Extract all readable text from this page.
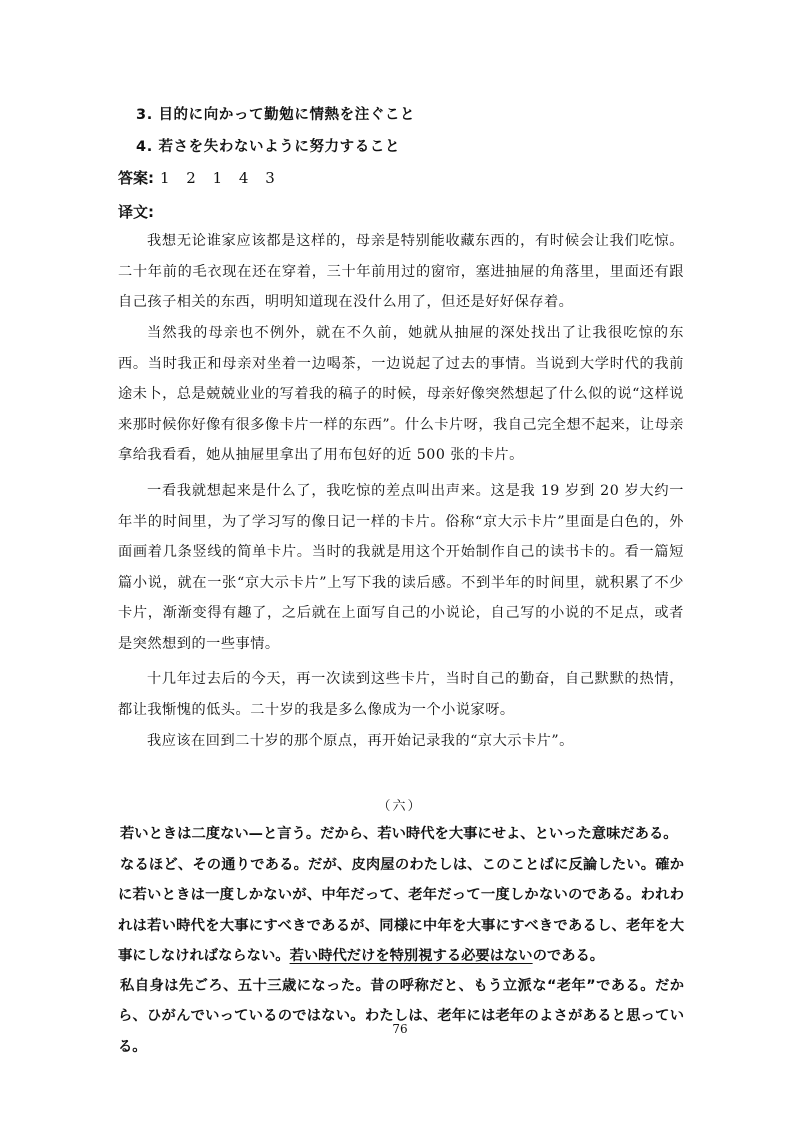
3. 目的に向かって勤勉に情熱を注ぐこと
4. 若さを失わないように努力すること
答案: 1 2 1 4 3
译文:
我想无论谁家应该都是这样的，母亲是特别能收藏东西的，有时候会让我们吃惊。二十年前的毛衣现在还在穿着，三十年前用过的窗帘，塞进抽屉的角落里，里面还有跟自己孩子相关的东西，明明知道现在没什么用了，但还是好好保存着。
当然我的母亲也不例外，就在不久前，她就从抽屉的深处找出了让我很吃惊的东西。当时我正和母亲对坐着一边喝茶，一边说起了过去的事情。当说到大学时代的我前途未卜，总是兢兢业业的写着我的稿子的时候，母亲好像突然想起了什么似的说“这样说来那时候你好像有很多像卡片一样的东西”。什么卡片呀，我自己完全想不起来，让母亲拿给我看看，她从抽屉里拿出了用布包好的近 500 张的卡片。
一看我就想起来是什么了，我吃惊的差点叫出声来。这是我 19 岁到 20 岁大约一年半的时间里，为了学习写的像日记一样的卡片。俗称“京大示卡片”里面是白色的，外面画着几条竖线的简单卡片。当时的我就是用这个开始制作自己的读书卡的。看一篇短篇小说，就在一张“京大示卡片”上写下我的读后感。不到半年的时间里，就积累了不少卡片，渐渐变得有趣了，之后就在上面写自己的小说论，自己写的小说的不足点，或者是突然想到的一些事情。
十几年过去后的今天，再一次读到这些卡片，当时自己的勤奋，自己默默的热情，都让我惭愧的低头。二十岁的我是多么像成为一个小说家呀。
我应该在回到二十岁的那个原点，再开始记录我的“京大示卡片”。
（六）
若いときは二度ない—と言う。だから、若い時代を大事にせよ、といった意味だある。
なるほど、その通りである。だが、皮肉屋のわたしは、このことばに反論したい。確かに若いときは一度しかないが、中年だって、老年だって一度しかないのである。われわれは若い時代を大事にすべきであるが、同様に中年を大事にすべきであるし、老年を大事にしなければならない。若い時代だけを特別視する必要はないのである。
私自身は先ごろ、五十三歳になった。昔の呼称だと、もう立派な“老年”である。だから、ひがんでいっているのではない。わたしは、老年には老年のよさがあると思っている。
76
